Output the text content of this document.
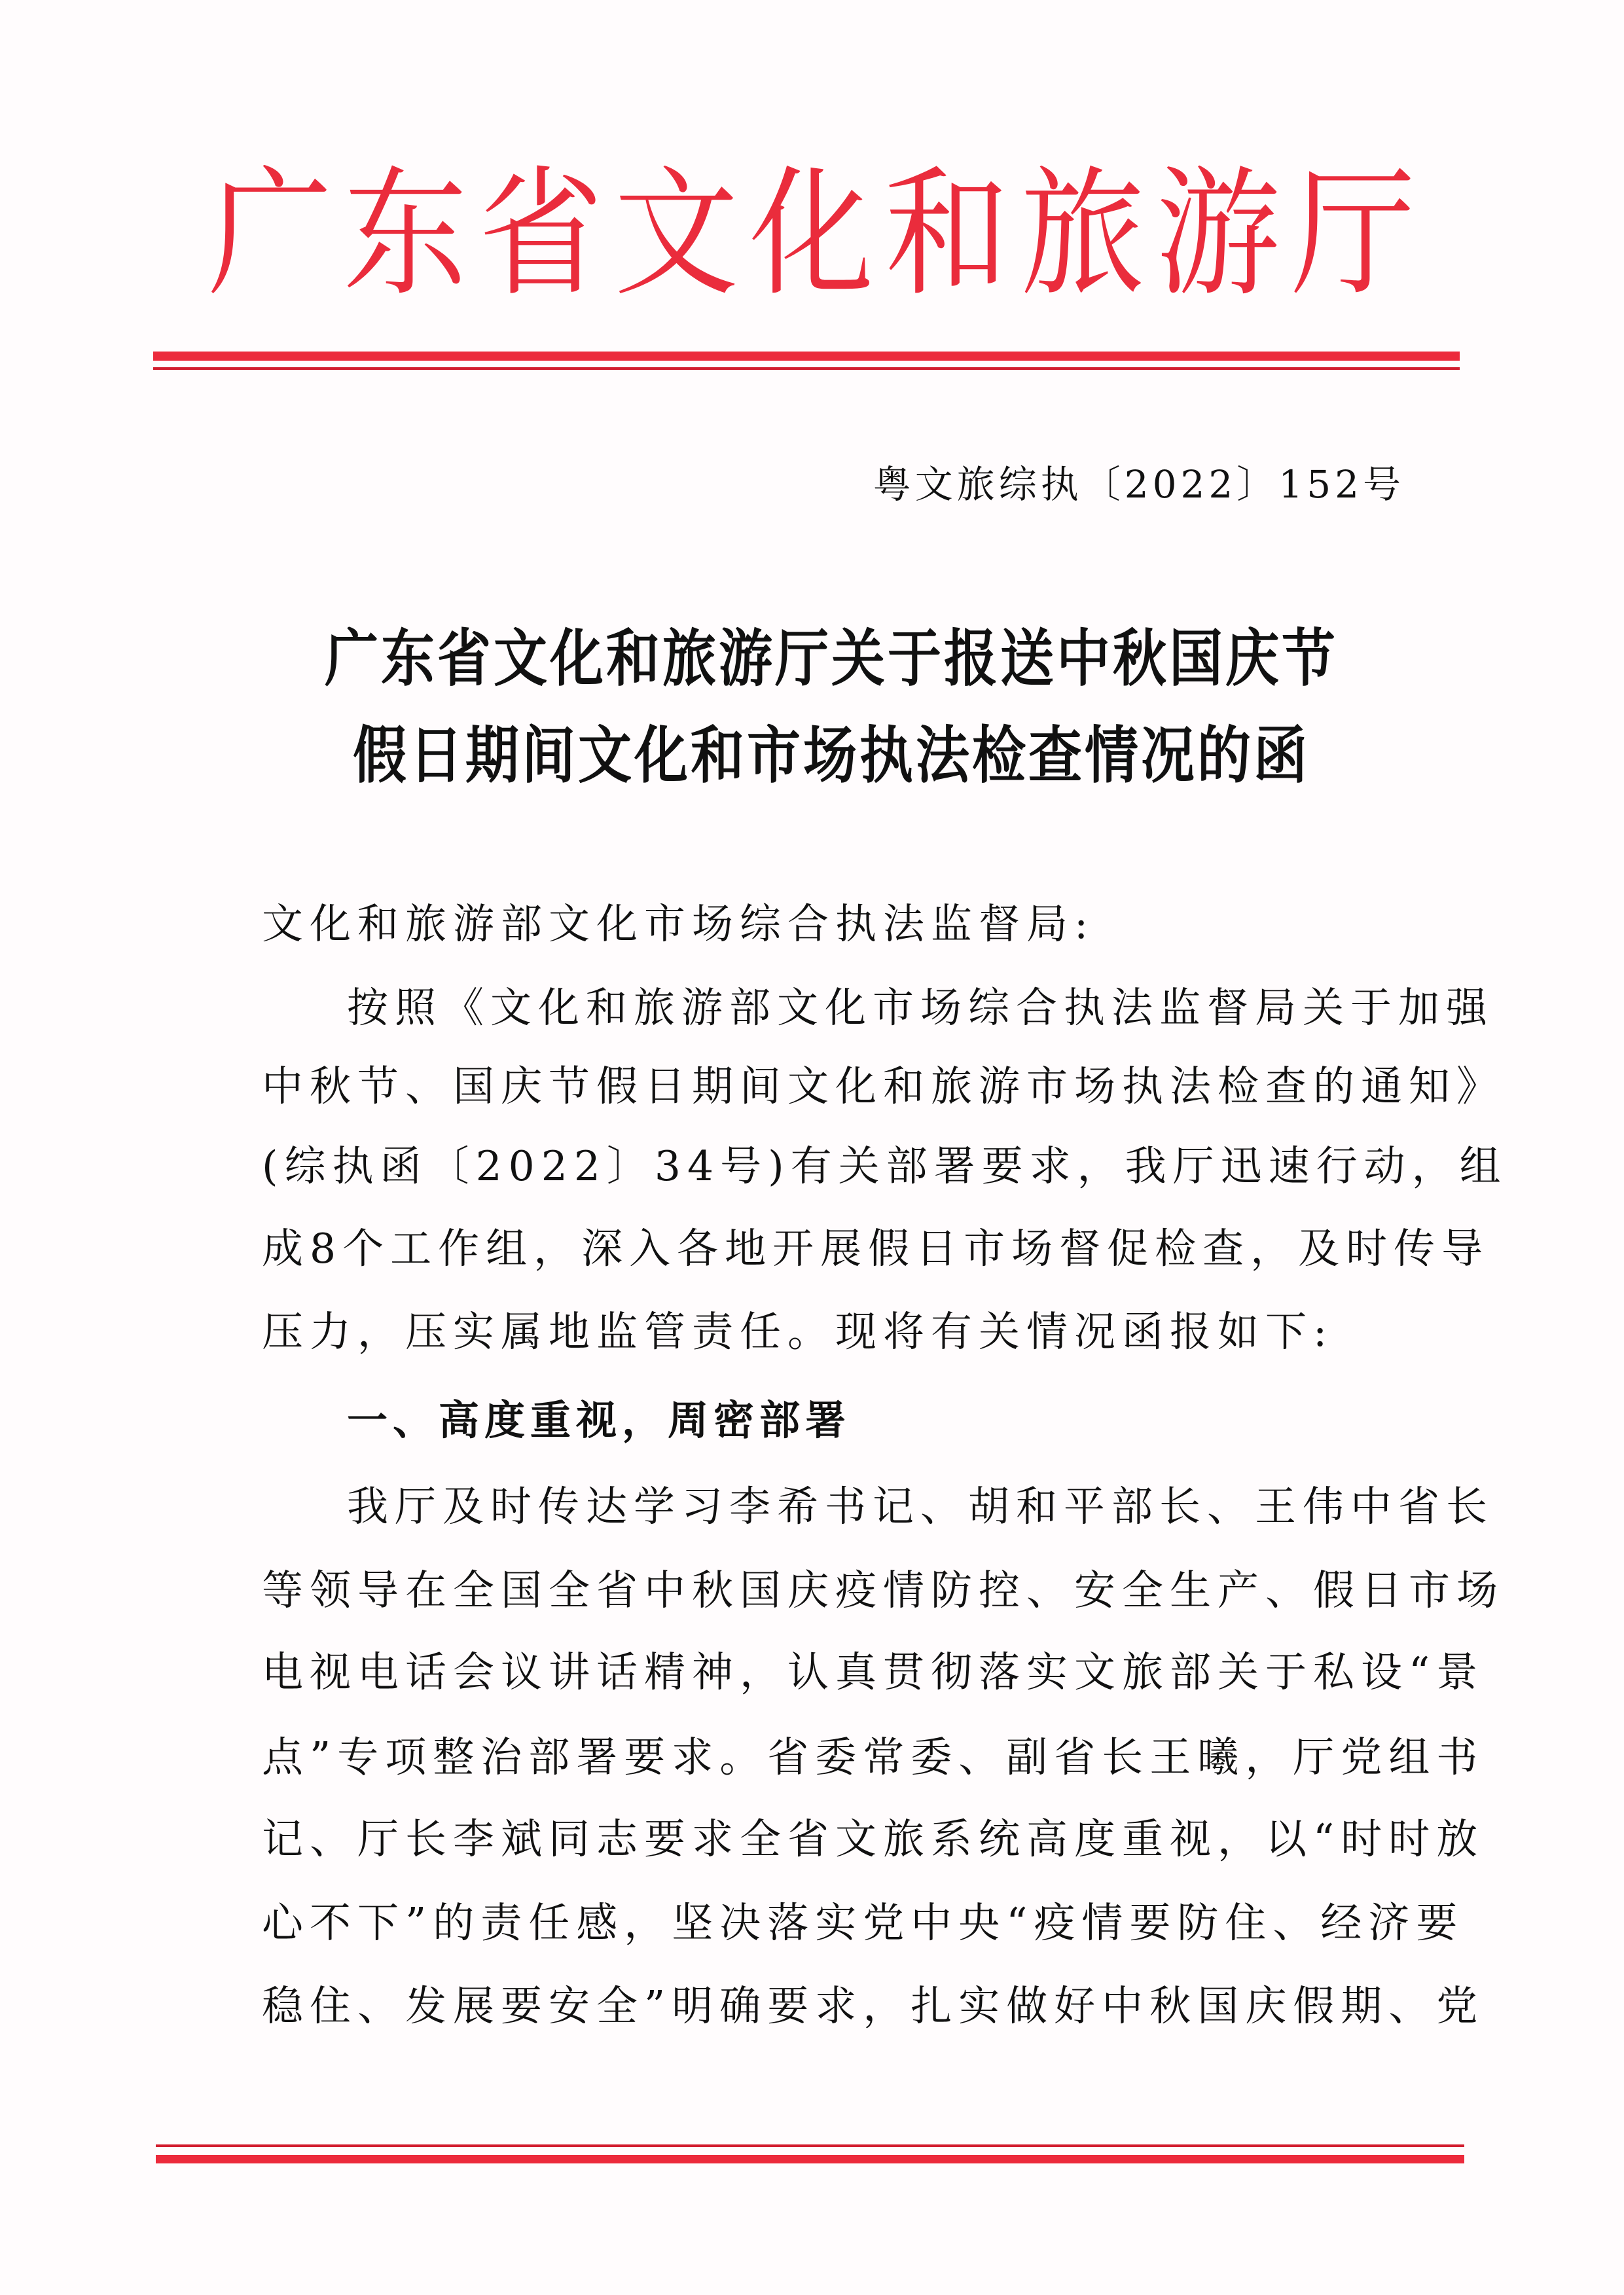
广 东 省 文 化 和 旅 游 厅
粤文旅综执〔2022〕152号
广东省文化和旅游厅关于报送中秋国庆节
假日期间文化和市场执法检查情况的函
文化和旅游部文化市场综合执法监督局:
按照《文化和旅游部文化市场综合执法监督局关于加强
中秋节、国庆节假日期间文化和旅游市场执法检查的通知》
(综执函〔2022〕34号)有关部署要求，我厅迅速行动，组
成8个工作组，深入各地开展假日市场督促检查，及时传导
压力，压实属地监管责任。现将有关情况函报如下:
一、高度重视，周密部署
我厅及时传达学习李希书记、胡和平部长、王伟中省长
等领导在全国全省中秋国庆疫情防控、安全生产、假日市场
电视电话会议讲话精神，认真贯彻落实文旅部关于私设“景
点”专项整治部署要求。省委常委、副省长王曦，厅党组书
记、厅长李斌同志要求全省文旅系统高度重视，以“时时放
心不下”的责任感，坚决落实党中央“疫情要防住、经济要
稳住、发展要安全”明确要求，扎实做好中秋国庆假期、党
